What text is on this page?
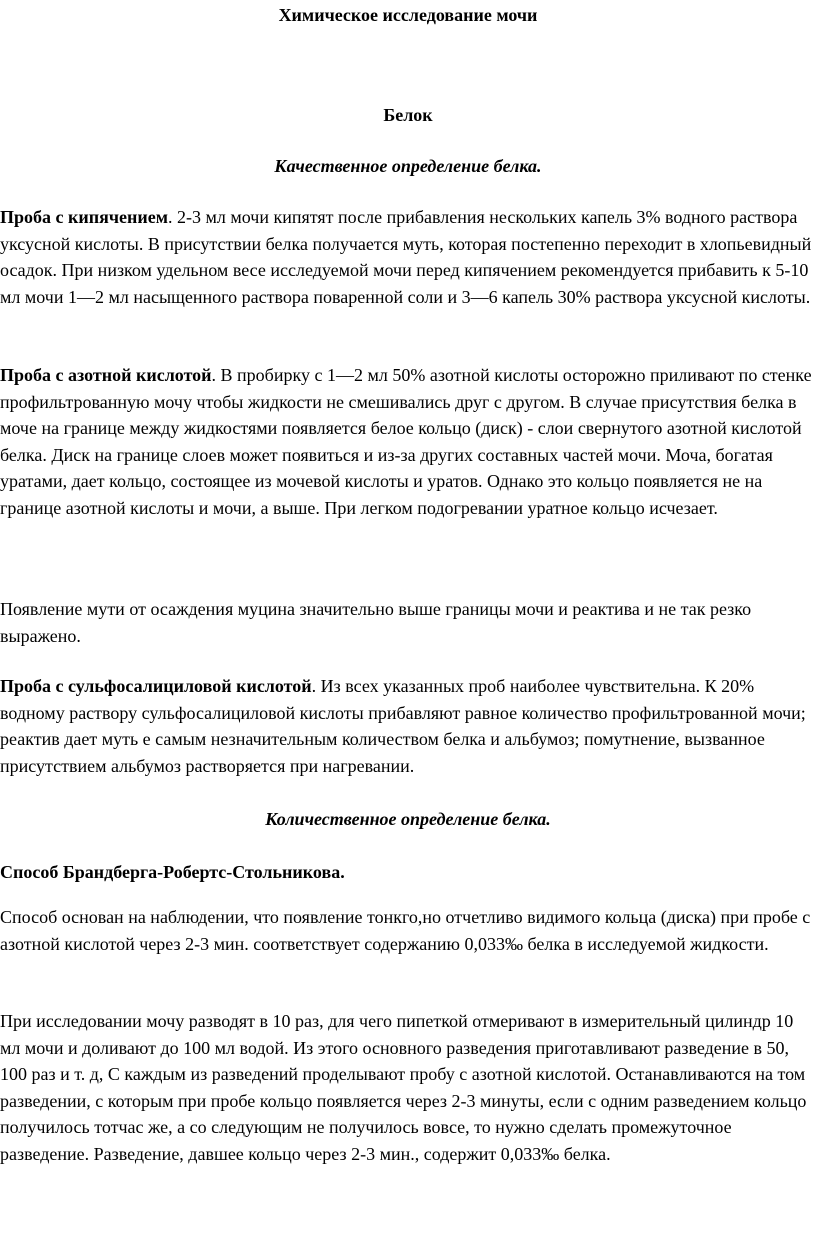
Химическое исследование мочи
Белок
Качественное определение белка.

Проба с кипячением. 2-3 мл мочи кипятят после прибавления нескольких капель 3% водного раствора уксусной кислоты. В присутствии белка получается муть, которая постепенно переходит в хлопьевидный осадок. При низком удельном весе исследуемой мочи перед кипячением рекомендуется прибавить к 5-10 мл мочи 1—2 мл насыщенного раствора поваренной соли и 3—6 капель 30% раствора уксусной кислоты.

Проба с азотной кислотой. В пробирку с 1—2 мл 50% азотной кислоты осторожно приливают по стенке профильтрованную мочу чтобы жидкости не смешивались друг с другом. В случае присутствия белка в моче на границе между жидкостями появляется белое кольцо (диск) - слои свернутого азотной кислотой белка. Диск на границе слоев может появиться и из-за других составных частей мочи. Моча, богатая уратами, дает кольцо, состоящее из мочевой кислоты и уратов. Однако это кольцо появляется не на границе азотной кислоты и мочи, а выше. При легком подогревании уратное кольцо исчезает.

Появление мути от осаждения муцина значительно выше границы мочи и реактива и не так резко выражено.

Проба с сульфосалициловой кислотой. Из всех указанных проб наиболее чувствительна. К 20% водному раствору сульфосалициловой кислоты прибавляют равное количество профильтрованной мочи; реактив дает муть е самым незначительным количеством белка и альбумоз; помутнение, вызванное присутствием альбумоз растворяется при нагревании.

Количественное определение белка.
Способ Брандберга-Робертс-Стольникова.

Способ основан на наблюдении, что появление тонкго,но отчетливо видимого кольца (диска) при пробе с азотной кислотой через 2-3 мин. соответствует содержанию 0,033‰ белка в исследуемой жидкости.

При исследовании мочу разводят в 10 раз, для чего пипеткой отмеривают в измерительный цилиндр 10 мл мочи и доливают до 100 мл водой. Из этого основного разведения приготавливают разведение в 50, 100 раз и т. д, С каждым из разведений проделывают пробу с азотной кислотой. Останавливаются на том разведении, с которым при пробе кольцо появляется через 2-3 минуты, если с одним разведением кольцо получилось тотчас же, а со следующим не получилось вовсе, то нужно сделать промежуточное разведение. Разведение, давшее кольцо через 2-3 мин., содержит 0,033‰ белка.
